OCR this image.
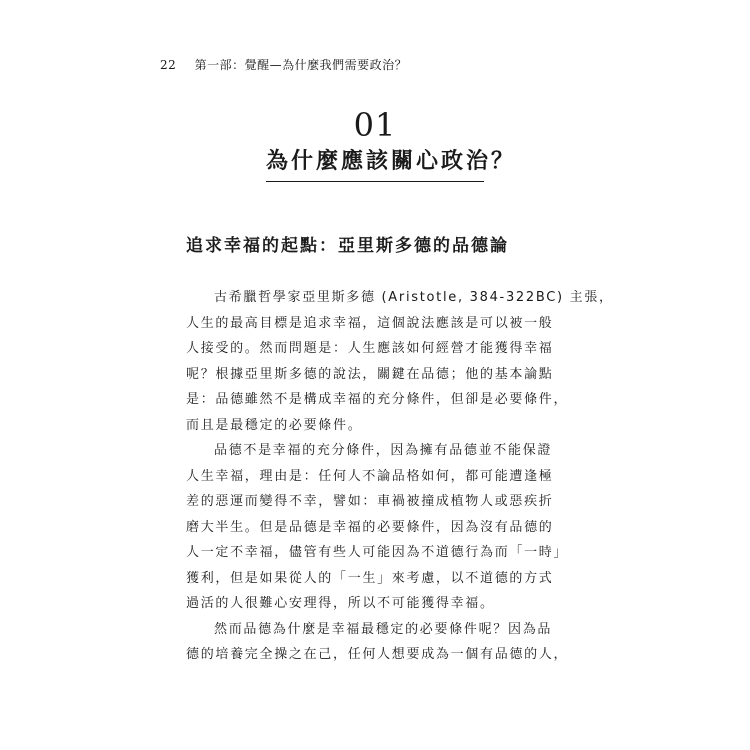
22 第一部：覺醒—為什麼我們需要政治？
01
為什麼應該關心政治？
追求幸福的起點：亞里斯多德的品德論
古希臘哲學家亞里斯多德 (Aristotle, 384-322BC) 主張，
人生的最高目標是追求幸福，這個說法應該是可以被一般
人接受的。然而問題是：人生應該如何經營才能獲得幸福
呢？根據亞里斯多德的說法，關鍵在品德；他的基本論點
是：品德雖然不是構成幸福的充分條件，但卻是必要條件，
而且是最穩定的必要條件。
品德不是幸福的充分條件，因為擁有品德並不能保證
人生幸福，理由是：任何人不論品格如何，都可能遭逢極
差的惡運而變得不幸，譬如：車禍被撞成植物人或惡疾折
磨大半生。但是品德是幸福的必要條件，因為沒有品德的
人一定不幸福，儘管有些人可能因為不道德行為而「一時」
獲利，但是如果從人的「一生」來考慮，以不道德的方式
過活的人很難心安理得，所以不可能獲得幸福。
然而品德為什麼是幸福最穩定的必要條件呢？因為品
德的培養完全操之在己，任何人想要成為一個有品德的人，
